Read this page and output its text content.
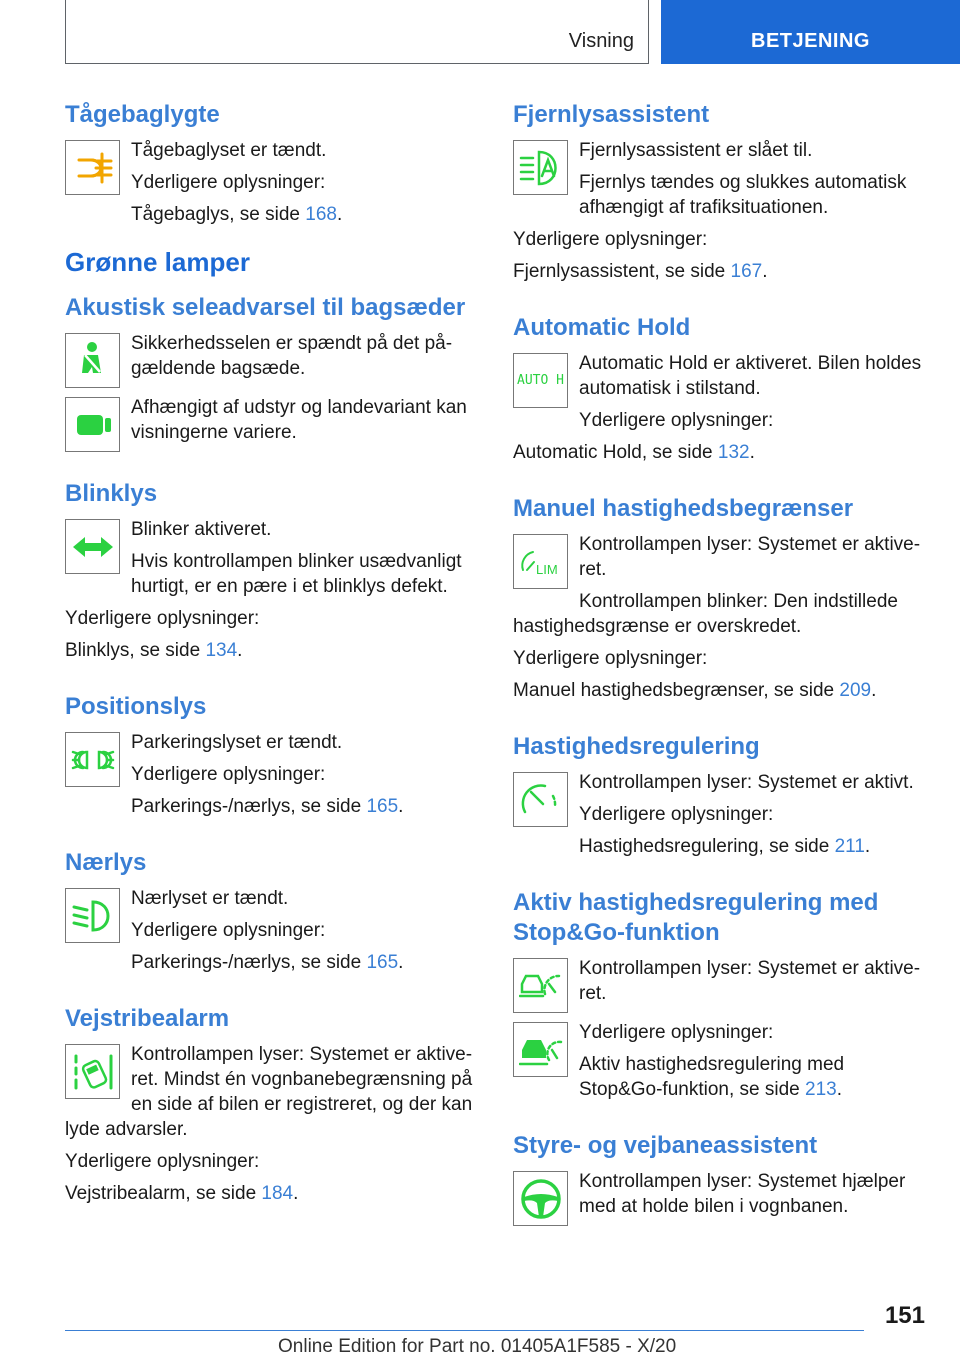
Visning	BETJENING
Tågebaglygte

Tågebaglyset er tændt.

Yderligere oplysninger:

Tågebaglys, se side 168.

Grønne lamper
Akustisk seleadvarsel til bagsæder

Sikkerhedsselen er spændt på det på-gældende bagsæde.

Afhængigt af udstyr og landevariant kan visningerne variere.

Blinklys

Blinker aktiveret.

Hvis kontrollampen blinker usædvanligt hurtigt, er en pære i et blinklys defekt.

Yderligere oplysninger:

Blinklys, se side 134.

Positionslys

Parkeringslyset er tændt.

Yderligere oplysninger:

Parkerings-/nærlys, se side 165.

Nærlys

Nærlyset er tændt.

Yderligere oplysninger:

Parkerings-/nærlys, se side 165.

Vejstribealarm

Kontrollampen lyser: Systemet er aktive-ret. Mindst én vognbanebegrænsning på en side af bilen er registreret, og der kan lyde advarsler.

Yderligere oplysninger:

Vejstribealarm, se side 184.

Fjernlysassistent

Fjernlysassistent er slået til.

Fjernlys tændes og slukkes automatisk afhængigt af trafiksituationen.

Yderligere oplysninger:

Fjernlysassistent, se side 167.

Automatic Hold
AUTO H

Automatic Hold er aktiveret. Bilen holdes automatisk i stilstand.

Yderligere oplysninger:

Automatic Hold, se side 132.

Manuel hastighedsbegrænser
LIM

Kontrollampen lyser: Systemet er aktive-ret.

Kontrollampen blinker: Den indstillede hastighedsgrænse er overskredet.

Yderligere oplysninger:

Manuel hastighedsbegrænser, se side 209.

Hastighedsregulering

Kontrollampen lyser: Systemet er aktivt.

Yderligere oplysninger:

Hastighedsregulering, se side 211.

Aktiv hastighedsregulering med Stop&Go-funktion

Kontrollampen lyser: Systemet er aktive-ret.

Yderligere oplysninger:

Aktiv hastighedsregulering med Stop&Go-funktion, se side 213.

Styre- og vejbaneassistent

Kontrollampen lyser: Systemet hjælper med at holde bilen i vognbanen.

151
Online Edition for Part no. 01405A1F585 - X/20
